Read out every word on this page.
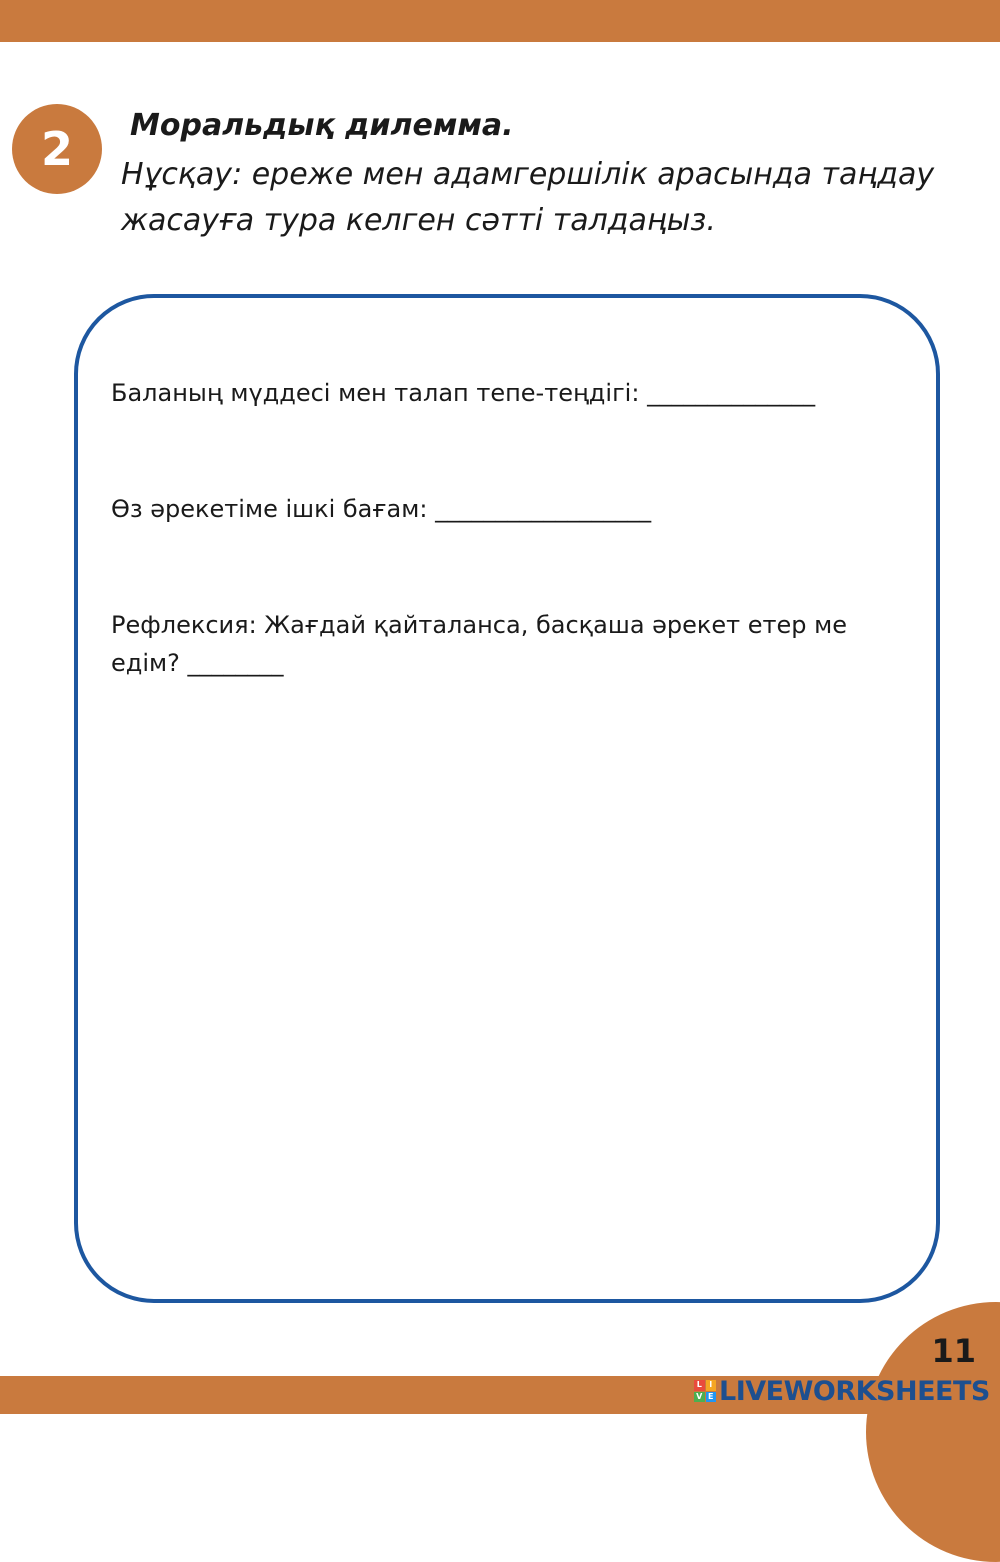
2 Моральдық дилемма.
Нұсқау: ереже мен адамгершілік арасында таңдау жасауға тура келген сәтті талдаңыз.
Баланың мүддесі мен талап тепе-теңдігі: ______________
Өз әрекетіме ішкі бағам: __________________
Рефлексия: Жағдай қайталанса, басқаша әрекет етер ме едім? ________
11
L I
V E LIVEWORKSHEETS
